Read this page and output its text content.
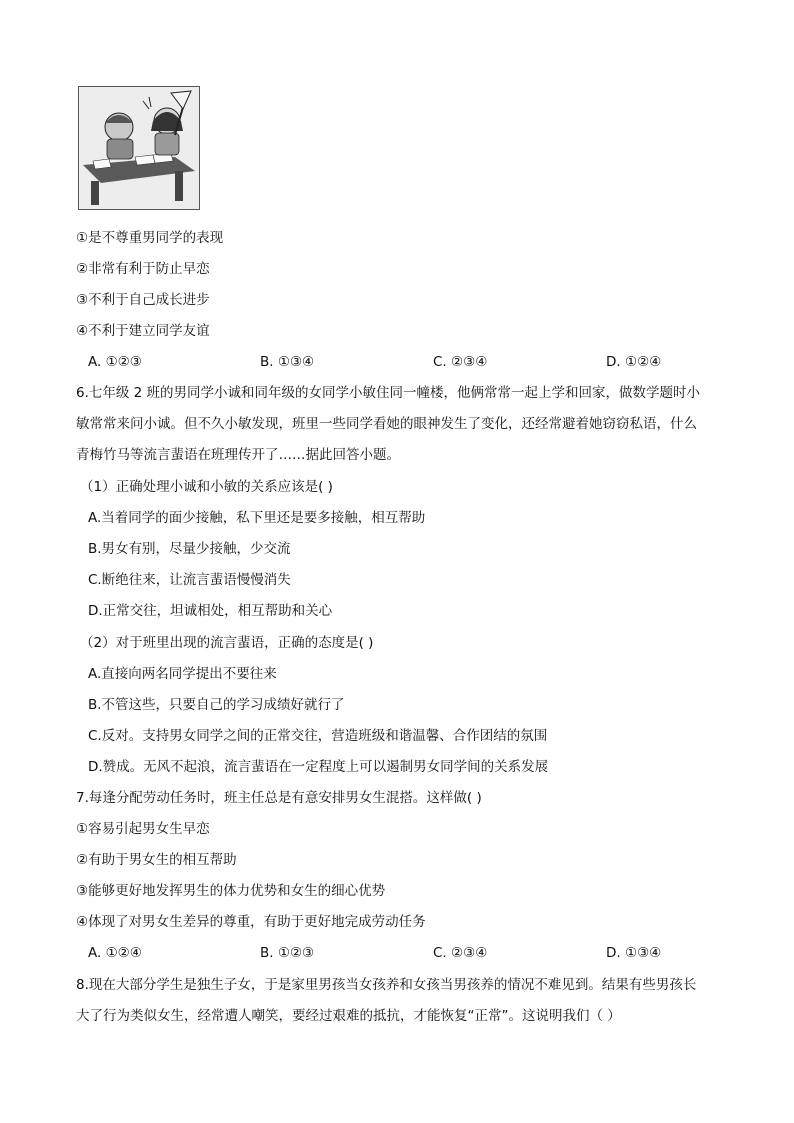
①是不尊重男同学的表现
②非常有利于防止早恋
③不利于自己成长进步
④不利于建立同学友谊
A. ①②③	B. ①③④	C. ②③④	D. ①②④
6.七年级 2 班的男同学小诚和同年级的女同学小敏住同一幢楼，他俩常常一起上学和回家，做数学题时小
敏常常来问小诚。但不久小敏发现，班里一些同学看她的眼神发生了变化，还经常避着她窃窃私语，什么
青梅竹马等流言蜚语在班理传开了……据此回答小题。
（1）正确处理小诚和小敏的关系应该是( )
A.当着同学的面少接触，私下里还是要多接触，相互帮助
B.男女有别，尽量少接触，少交流
C.断绝往来，让流言蜚语慢慢消失
D.正常交往，坦诚相处，相互帮助和关心
（2）对于班里出现的流言蜚语，正确的态度是( )
A.直接向两名同学提出不要往来
B.不管这些，只要自己的学习成绩好就行了
C.反对。支持男女同学之间的正常交往，营造班级和谐温馨、合作团结的氛围
D.赞成。无风不起浪，流言蜚语在一定程度上可以遏制男女同学间的关系发展
7.每逢分配劳动任务时，班主任总是有意安排男女生混搭。这样做( )
①容易引起男女生早恋
②有助于男女生的相互帮助
③能够更好地发挥男生的体力优势和女生的细心优势
④体现了对男女生差异的尊重，有助于更好地完成劳动任务
A. ①②④	B. ①②③	C. ②③④	D. ①③④
8.现在大部分学生是独生子女，于是家里男孩当女孩养和女孩当男孩养的情况不难见到。结果有些男孩长
大了行为类似女生，经常遭人嘲笑，要经过艰难的抵抗，才能恢复“正常”。这说明我们（ ）
